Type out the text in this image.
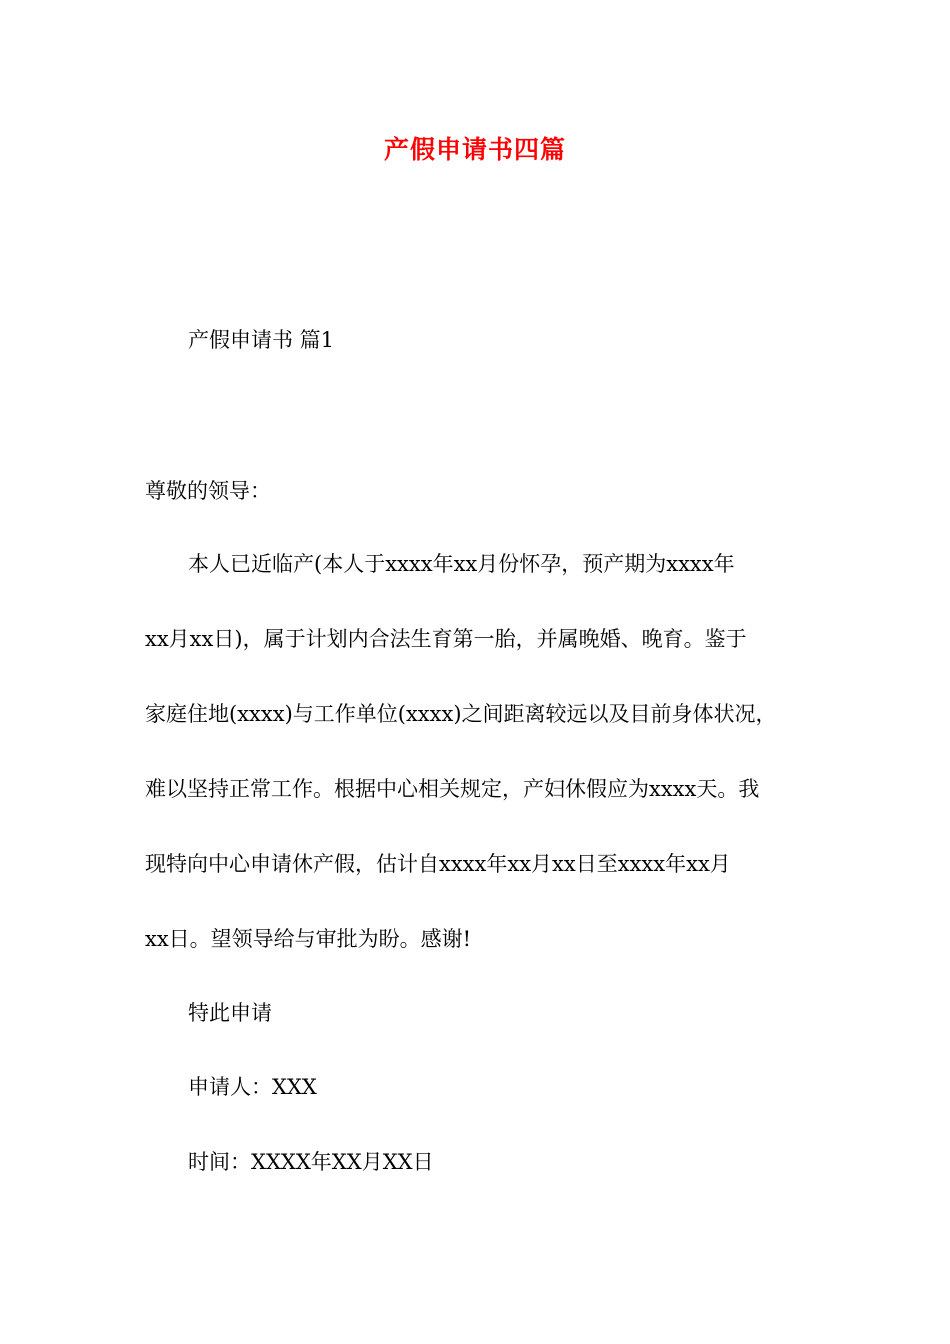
产假申请书四篇
产假申请书 篇1
尊敬的领导：
本人已近临产(本人于xxxx年xx月份怀孕，预产期为xxxx年
xx月xx日)，属于计划内合法生育第一胎，并属晚婚、晚育。鉴于
家庭住地(xxxx)与工作单位(xxxx)之间距离较远以及目前身体状况，
难以坚持正常工作。根据中心相关规定，产妇休假应为xxxx天。我
现特向中心申请休产假，估计自xxxx年xx月xx日至xxxx年xx月
xx日。望领导给与审批为盼。感谢!
特此申请
申请人：XXX
时间：XXXX年XX月XX日
